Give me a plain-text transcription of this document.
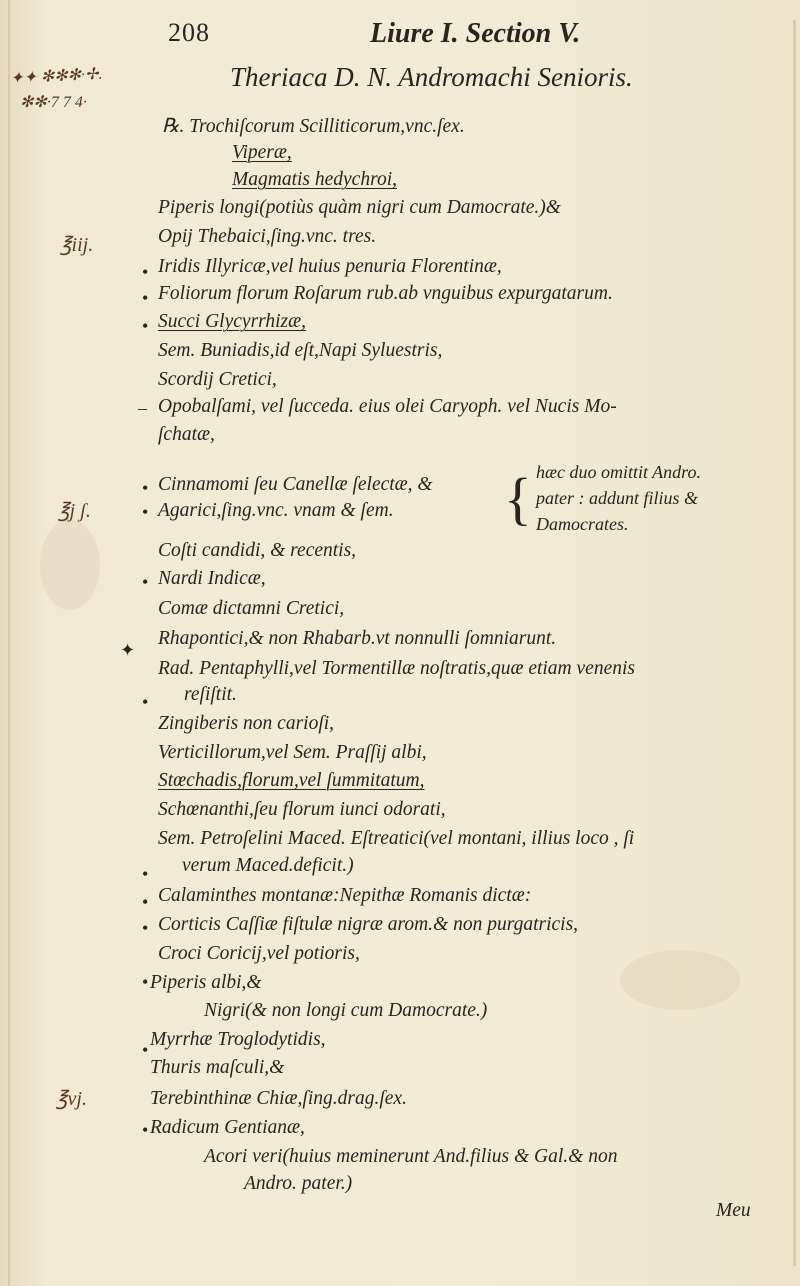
208	Liure I. Section V.
Theriaca D. N. Andromachi Senioris.
✦✦ ✻✻✻·✢.
✻✻·7 7 4·
℥iij.
℥j ʃ.
℥vj.
•
•
•
–
•
•
•
✦
•
•
•
•
•
•
•
℞. Trochiſcorum Scilliticorum,vnc.ſex.
Viperæ,
Magmatis hedychroi,
Piperis longi(potiùs quàm nigri cum Damocrate.)&
Opij Thebaici,ſing.vnc. tres.
Iridis Illyricæ,vel huius penuria Florentinæ,
Foliorum florum Roſarum rub.ab vnguibus expurgatarum.
Succi Glycyrrhizæ,
Sem. Buniadis,id eſt,Napi Syluestris,
Scordij Cretici,
Opobalſami, vel ſucceda. eius olei Caryoph. vel Nucis Mo-
ſchatæ,
Cinnamomi ſeu Canellæ ſelectæ, &
Agarici,ſing.vnc. vnam & ſem.
Coſti candidi, & recentis,
Nardi Indicæ,
Comæ dictamni Cretici,
Rhapontici,& non Rhabarb.vt nonnulli ſomniarunt.
Rad. Pentaphylli,vel Tormentillæ noſtratis,quæ etiam venenis
reſiſtit.
Zingiberis non carioſi,
Verticillorum,vel Sem. Praſſij albi,
Stœchadis,florum,vel ſummitatum,
Schœnanthi,ſeu florum iunci odorati,
Sem. Petroſelini Maced. Eſtreatici(vel montani, illius loco , ſi
verum Maced.deficit.)
Calaminthes montanæ:Nepithæ Romanis dictæ:
Corticis Caſſiæ fiſtulæ nigræ arom.& non purgatricis,
Croci Coricij,vel potioris,
Piperis albi,&
Nigri(& non longi cum Damocrate.)
Myrrhæ Troglodytidis,
Thuris maſculi,&
Terebinthinæ Chiæ,ſing.drag.ſex.
Radicum Gentianæ,
Acori veri(huius meminerunt And.filius & Gal.& non
Andro. pater.)
Meu
{ hæc duo omittit Andro.
pater : addunt filius &
Damocrates.
